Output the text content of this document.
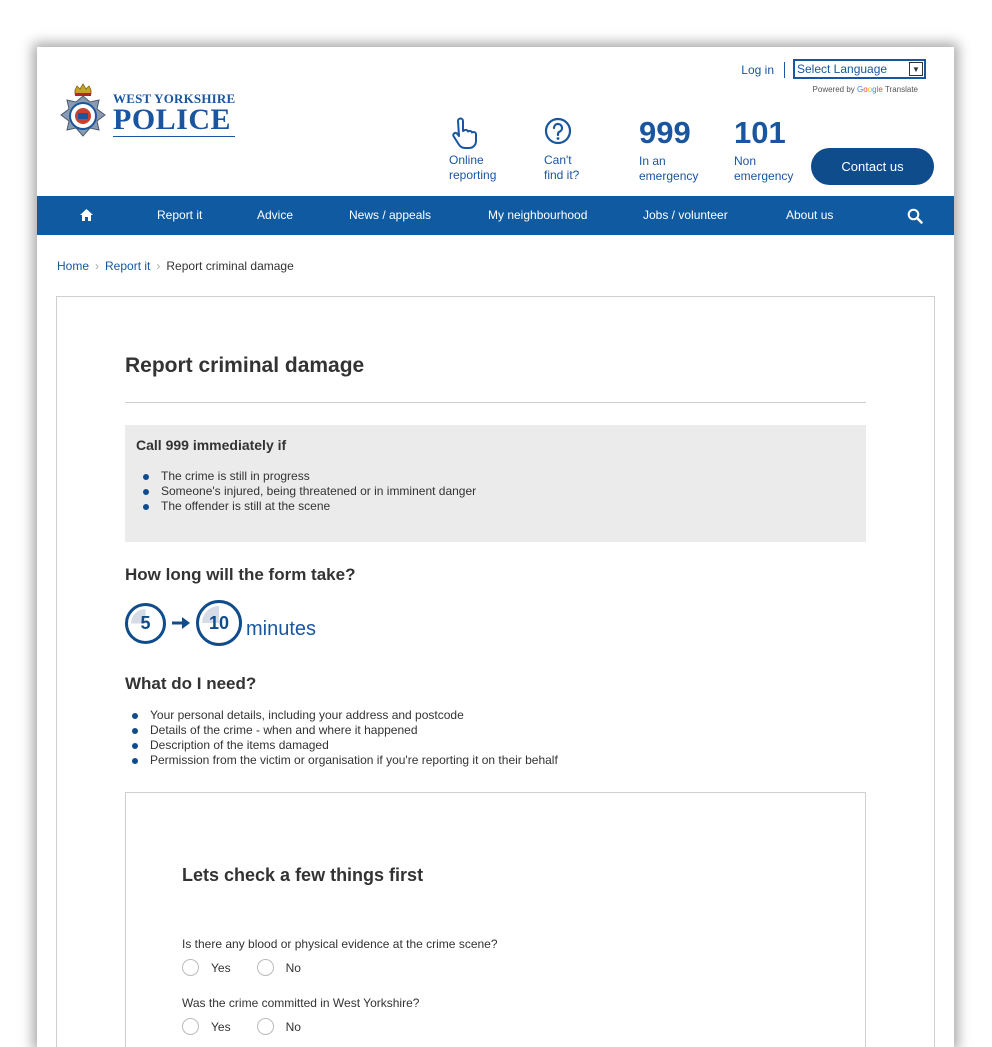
WEST YORKSHIRE
POLICE
Log in	Select Language	▼
Powered by Google Translate
Online
reporting
Can't
find it?
999
In an
emergency
101
Non
emergency
Contact us
Report it	Advice	News / appeals	My neighbourhood	Jobs / volunteer	About us
Home › Report it › Report criminal damage
Report criminal damage
Call 999 immediately if
The crime is still in progress
Someone's injured, being threatened or in imminent danger
The offender is still at the scene
How long will the form take?
5	10 minutes
What do I need?
Your personal details, including your address and postcode
Details of the crime - when and where it happened
Description of the items damaged
Permission from the victim or organisation if you're reporting it on their behalf
Lets check a few things first
Is there any blood or physical evidence at the crime scene?
Yes	No
Was the crime committed in West Yorkshire?
Yes	No
